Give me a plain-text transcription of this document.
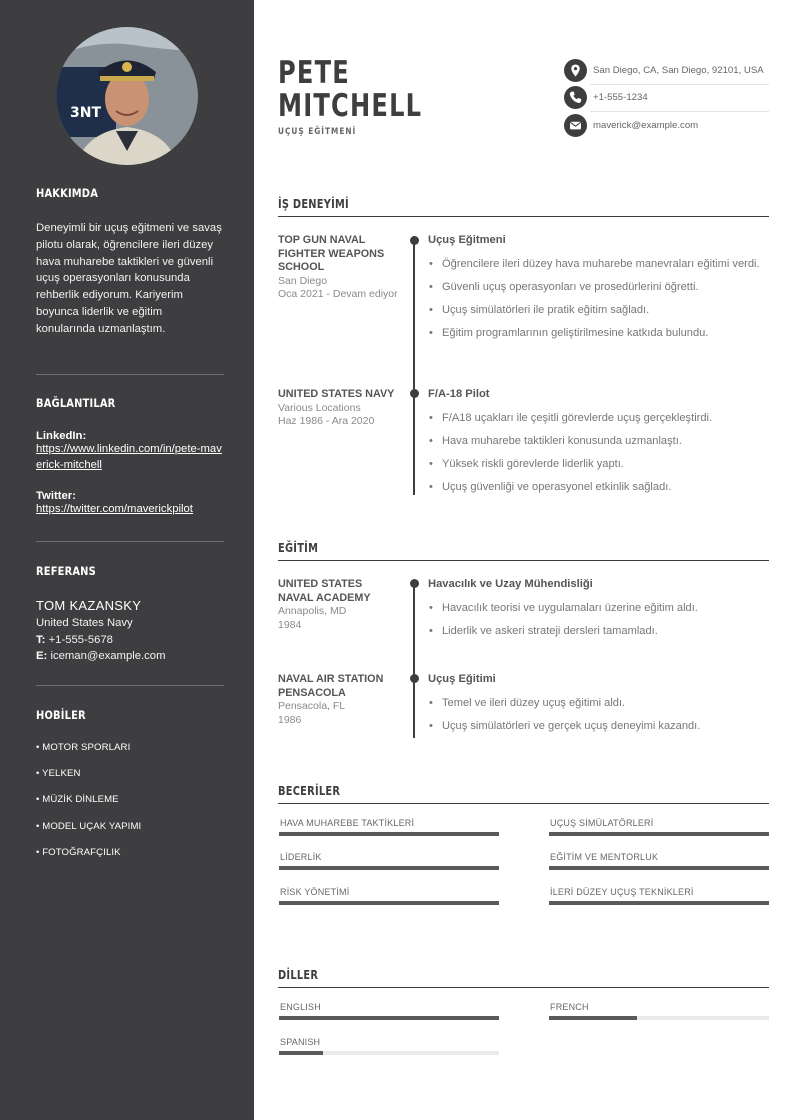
3NT
HAKKIMDA
Deneyimli bir uçuş eğitmeni ve savaş pilotu olarak, öğrencilere ileri düzey hava muharebe taktikleri ve güvenli uçuş operasyonları konusunda rehberlik ediyorum. Kariyerim boyunca liderlik ve eğitim konularında uzmanlaştım.
BAĞLANTILAR
LinkedIn:
https://www.linkedin.com/in/pete-maverick-mitchell
Twitter:
https://twitter.com/maverickpilot
REFERANS
TOM KAZANSKY
United States Navy
T: +1-555-5678
E: iceman@example.com
HOBİLER
• MOTOR SPORLARI
• YELKEN
• MÜZİK DİNLEME
• MODEL UÇAK YAPIMI
• FOTOĞRAFÇILIK
PETE
MITCHELL
UÇUŞ EĞİTMENİ
San Diego, CA, San Diego, 92101, USA
+1-555-1234
maverick@example.com
İŞ DENEYİMİ
TOP GUN NAVAL FIGHTER WEAPONS SCHOOL
San Diego
Oca 2021 - Devam ediyor
Uçuş Eğitmeni
• Öğrencilere ileri düzey hava muharebe manevraları eğitimi verdi.
• Güvenli uçuş operasyonları ve prosedürlerini öğretti.
• Uçuş simülatörleri ile pratik eğitim sağladı.
• Eğitim programlarının geliştirilmesine katkıda bulundu.
UNITED STATES NAVY
Various Locations
Haz 1986 - Ara 2020
F/A-18 Pilot
• F/A18 uçakları ile çeşitli görevlerde uçuş gerçekleştirdi.
• Hava muharebe taktikleri konusunda uzmanlaştı.
• Yüksek riskli görevlerde liderlik yaptı.
• Uçuş güvenliği ve operasyonel etkinlik sağladı.
EĞİTİM
UNITED STATES NAVAL ACADEMY
Annapolis, MD
1984
Havacılık ve Uzay Mühendisliği
• Havacılık teorisi ve uygulamaları üzerine eğitim aldı.
• Liderlik ve askeri strateji dersleri tamamladı.
NAVAL AIR STATION PENSACOLA
Pensacola, FL
1986
Uçuş Eğitimi
• Temel ve ileri düzey uçuş eğitimi aldı.
• Uçuş simülatörleri ve gerçek uçuş deneyimi kazandı.
BECERİLER
HAVA MUHAREBE TAKTİKLERİ	UÇUŞ SİMÜLATÖRLERİ
LİDERLİK	EĞİTİM VE MENTORLUK
RİSK YÖNETİMİ	İLERİ DÜZEY UÇUŞ TEKNİKLERİ
DİLLER
ENGLISH	FRENCH
SPANISH
